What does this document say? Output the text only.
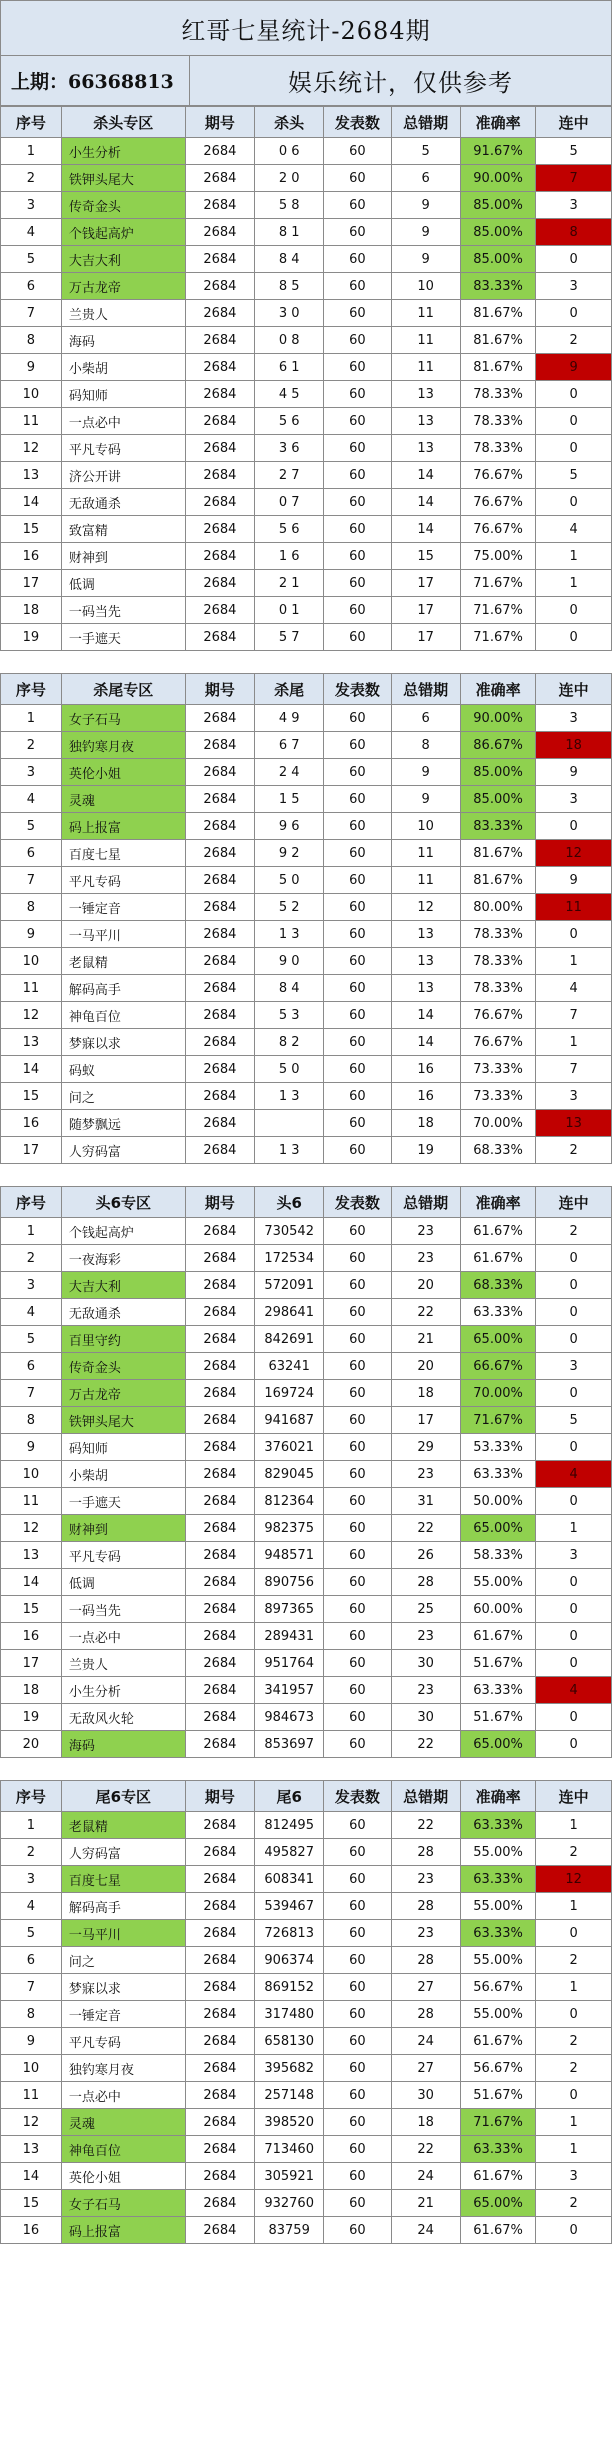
红哥七星统计-2684期
上期：66368813	娱乐统计，仅供参考
序号	杀头专区	期号	杀头	发表数	总错期	准确率	连中
1	小生分析	2684	0 6	60	5	91.67%	5
2	铁钾头尾大	2684	2 0	60	6	90.00%	7
3	传奇金头	2684	5 8	60	9	85.00%	3
4	个钱起高炉	2684	8 1	60	9	85.00%	8
5	大吉大利	2684	8 4	60	9	85.00%	0
6	万古龙帝	2684	8 5	60	10	83.33%	3
7	兰贵人	2684	3 0	60	11	81.67%	0
8	海码	2684	0 8	60	11	81.67%	2
9	小柴胡	2684	6 1	60	11	81.67%	9
10	码知师	2684	4 5	60	13	78.33%	0
11	一点必中	2684	5 6	60	13	78.33%	0
12	平凡专码	2684	3 6	60	13	78.33%	0
13	济公开讲	2684	2 7	60	14	76.67%	5
14	无敌通杀	2684	0 7	60	14	76.67%	0
15	致富精	2684	5 6	60	14	76.67%	4
16	财神到	2684	1 6	60	15	75.00%	1
17	低调	2684	2 1	60	17	71.67%	1
18	一码当先	2684	0 1	60	17	71.67%	0
19	一手遮天	2684	5 7	60	17	71.67%	0
序号	杀尾专区	期号	杀尾	发表数	总错期	准确率	连中
1	女子石马	2684	4 9	60	6	90.00%	3
2	独钓寒月夜	2684	6 7	60	8	86.67%	18
3	英伦小姐	2684	2 4	60	9	85.00%	9
4	灵魂	2684	1 5	60	9	85.00%	3
5	码上报富	2684	9 6	60	10	83.33%	0
6	百度七星	2684	9 2	60	11	81.67%	12
7	平凡专码	2684	5 0	60	11	81.67%	9
8	一锤定音	2684	5 2	60	12	80.00%	11
9	一马平川	2684	1 3	60	13	78.33%	0
10	老鼠精	2684	9 0	60	13	78.33%	1
11	解码高手	2684	8 4	60	13	78.33%	4
12	神龟百位	2684	5 3	60	14	76.67%	7
13	梦寐以求	2684	8 2	60	14	76.67%	1
14	码蚁	2684	5 0	60	16	73.33%	7
15	问之	2684	1 3	60	16	73.33%	3
16	随梦飘远	2684		60	18	70.00%	13
17	人穷码富	2684	1 3	60	19	68.33%	2
序号	头6专区	期号	头6	发表数	总错期	准确率	连中
1	个钱起高炉	2684	730542	60	23	61.67%	2
2	一夜海彩	2684	172534	60	23	61.67%	0
3	大吉大利	2684	572091	60	20	68.33%	0
4	无敌通杀	2684	298641	60	22	63.33%	0
5	百里守约	2684	842691	60	21	65.00%	0
6	传奇金头	2684	63241	60	20	66.67%	3
7	万古龙帝	2684	169724	60	18	70.00%	0
8	铁钾头尾大	2684	941687	60	17	71.67%	5
9	码知师	2684	376021	60	29	53.33%	0
10	小柴胡	2684	829045	60	23	63.33%	4
11	一手遮天	2684	812364	60	31	50.00%	0
12	财神到	2684	982375	60	22	65.00%	1
13	平凡专码	2684	948571	60	26	58.33%	3
14	低调	2684	890756	60	28	55.00%	0
15	一码当先	2684	897365	60	25	60.00%	0
16	一点必中	2684	289431	60	23	61.67%	0
17	兰贵人	2684	951764	60	30	51.67%	0
18	小生分析	2684	341957	60	23	63.33%	4
19	无敌风火轮	2684	984673	60	30	51.67%	0
20	海码	2684	853697	60	22	65.00%	0
序号	尾6专区	期号	尾6	发表数	总错期	准确率	连中
1	老鼠精	2684	812495	60	22	63.33%	1
2	人穷码富	2684	495827	60	28	55.00%	2
3	百度七星	2684	608341	60	23	63.33%	12
4	解码高手	2684	539467	60	28	55.00%	1
5	一马平川	2684	726813	60	23	63.33%	0
6	问之	2684	906374	60	28	55.00%	2
7	梦寐以求	2684	869152	60	27	56.67%	1
8	一锤定音	2684	317480	60	28	55.00%	0
9	平凡专码	2684	658130	60	24	61.67%	2
10	独钓寒月夜	2684	395682	60	27	56.67%	2
11	一点必中	2684	257148	60	30	51.67%	0
12	灵魂	2684	398520	60	18	71.67%	1
13	神龟百位	2684	713460	60	22	63.33%	1
14	英伦小姐	2684	305921	60	24	61.67%	3
15	女子石马	2684	932760	60	21	65.00%	2
16	码上报富	2684	83759	60	24	61.67%	0
